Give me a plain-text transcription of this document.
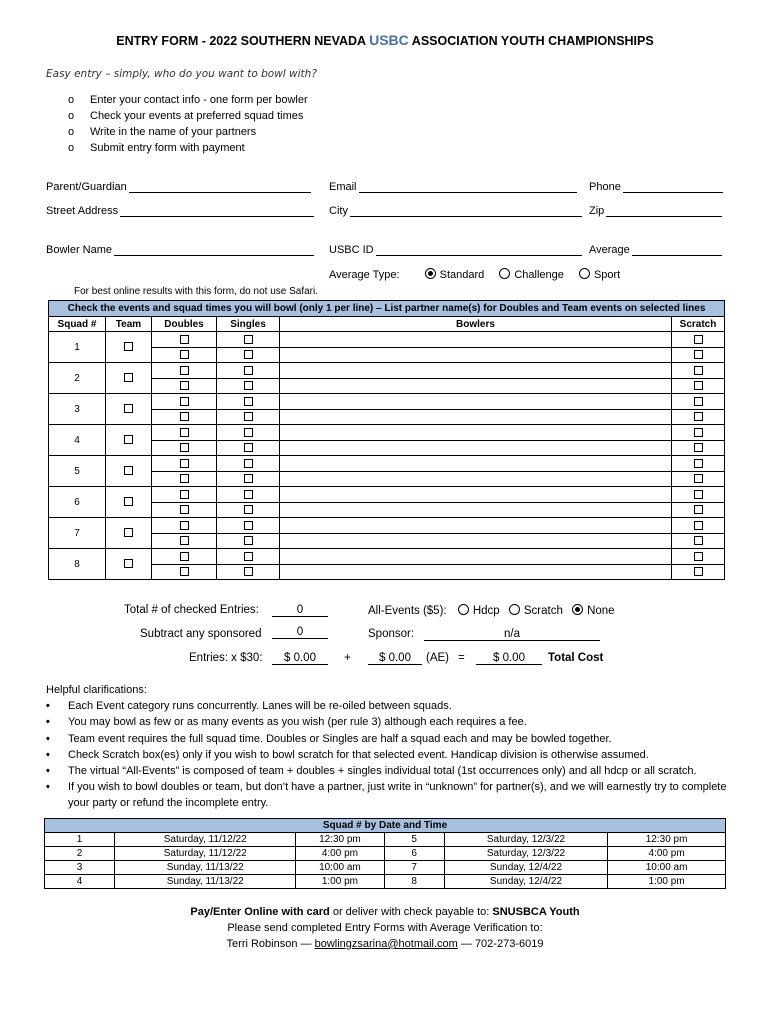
ENTRY FORM - 2022 SOUTHERN NEVADA USBC ASSOCIATION YOUTH CHAMPIONSHIPS
Easy entry – simply, who do you want to bowl with?
o	Enter your contact info - one form per bowler
o	Check your events at preferred squad times
o	Write in the name of your partners
o	Submit entry form with payment
Parent/Guardian	Email	Phone
Street Address	City	Zip
Bowler Name	USBC ID	Average
Average Type:	Standard	Challenge	Sport
For best online results with this form, do not use Safari.
Check the events and squad times you will bowl (only 1 per line) – List partner name(s) for Doubles and Team events on selected lines					
Squad #	Team	Doubles	Singles	Bowlers	Scratch
1					

2					

3					

4					

5					

6					

7					

8					

Total # of checked Entries:	0
Subtract any sponsored	0
Entries: x $30:	$ 0.00	+	$ 0.00	(AE) =	$ 0.00	Total Cost
All-Events ($5): Hdcp Scratch None
Sponsor:	n/a
Helpful clarifications:
•	Each Event category runs concurrently. Lanes will be re-oiled between squads.
•	You may bowl as few or as many events as you wish (per rule 3) although each requires a fee.
•	Team event requires the full squad time. Doubles or Singles are half a squad each and may be bowled together.
•	Check Scratch box(es) only if you wish to bowl scratch for that selected event. Handicap division is otherwise assumed.
•	The virtual “All-Events” is composed of team + doubles + singles individual total (1st occurrences only) and all hdcp or all scratch.
•	If you wish to bowl doubles or team, but don’t have a partner, just write in “unknown” for partner(s), and we will earnestly try to complete your party or refund the incomplete entry.
Squad # by Date and Time					
1	Saturday, 11/12/22	12:30 pm	5	Saturday, 12/3/22	12:30 pm
2	Saturday, 11/12/22	4:00 pm	6	Saturday, 12/3/22	4:00 pm
3	Sunday, 11/13/22	10:00 am	7	Sunday, 12/4/22	10:00 am
4	Sunday, 11/13/22	1:00 pm	8	Sunday, 12/4/22	1:00 pm
Pay/Enter Online with card or deliver with check payable to: SNUSBCA Youth
Please send completed Entry Forms with Average Verification to:
Terri Robinson — bowlingzsarina@hotmail.com — 702-273-6019
